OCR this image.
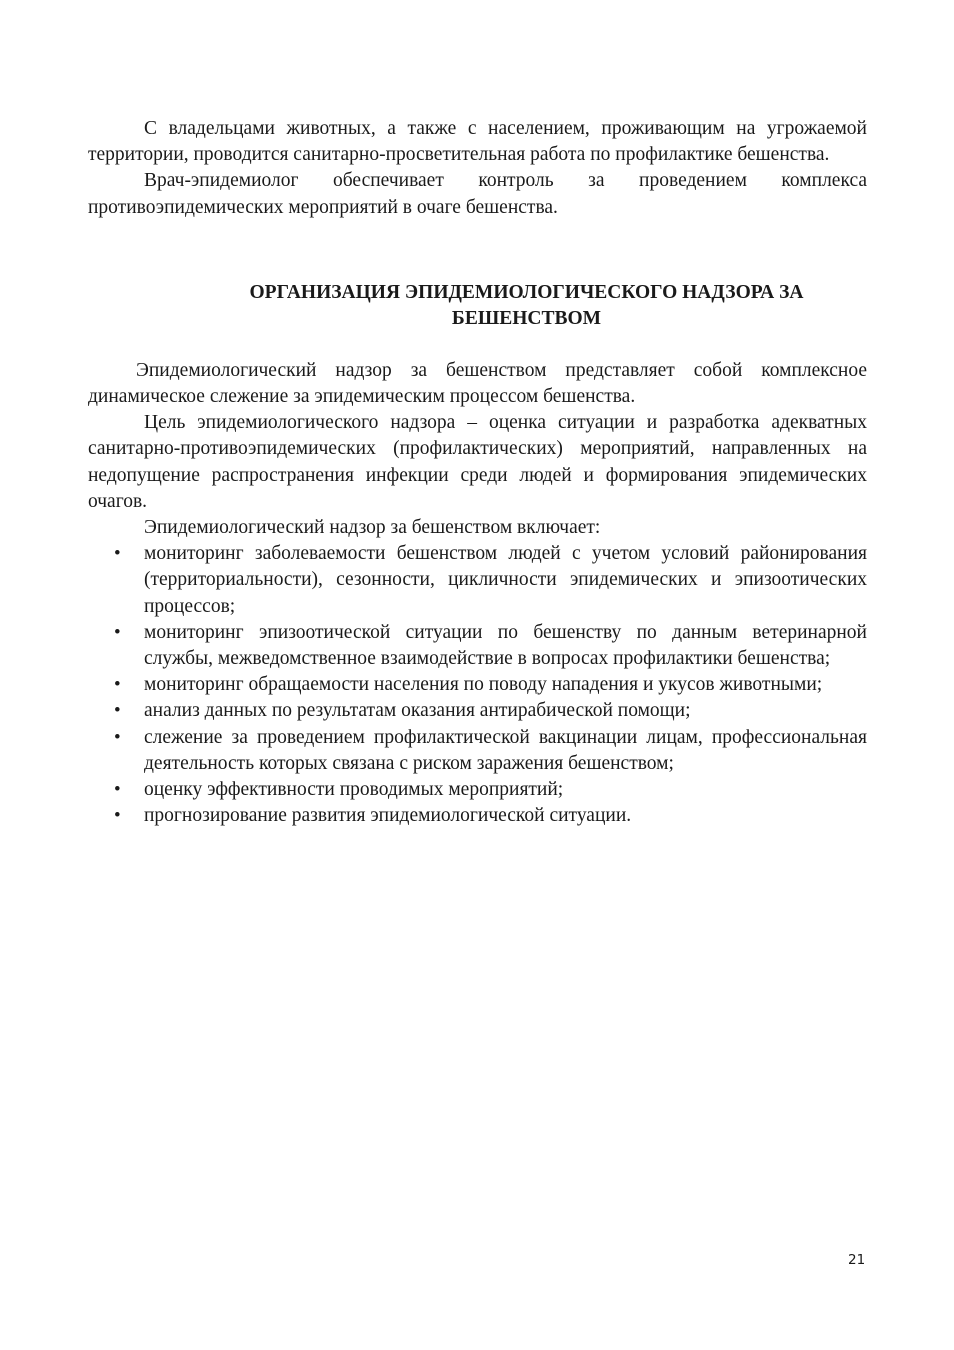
С владельцами животных, а также с населением, проживающим на угрожаемой территории, проводится санитарно-просветительная работа по профилактике бешенства.

Врач-эпидемиолог обеспечивает контроль за проведением комплекса противоэпидемических мероприятий в очаге бешенства.

ОРГАНИЗАЦИЯ ЭПИДЕМИОЛОГИЧЕСКОГО НАДЗОРА ЗА
БЕШЕНСТВОМ

Эпидемиологический надзор за бешенством представляет собой комплексное динамическое слежение за эпидемическим процессом бешенства.

Цель эпидемиологического надзора – оценка ситуации и разработка адекватных санитарно-противоэпидемических (профилактических) мероприятий, направленных на недопущение распространения инфекции среди людей и формирования эпидемических очагов.

Эпидемиологический надзор за бешенством включает:

• мониторинг заболеваемости бешенством людей с учетом условий районирования (территориальности), сезонности, цикличности эпидемических и эпизоотических процессов;
• мониторинг эпизоотической ситуации по бешенству по данным ветеринарной службы, межведомственное взаимодействие в вопросах профилактики бешенства;
• мониторинг обращаемости населения по поводу нападения и укусов животными;
• анализ данных по результатам оказания антирабической помощи;
• слежение за проведением профилактической вакцинации лицам, профессиональная деятельность которых связана с риском заражения бешенством;
• оценку эффективности проводимых мероприятий;
• прогнозирование развития эпидемиологической ситуации.
21
